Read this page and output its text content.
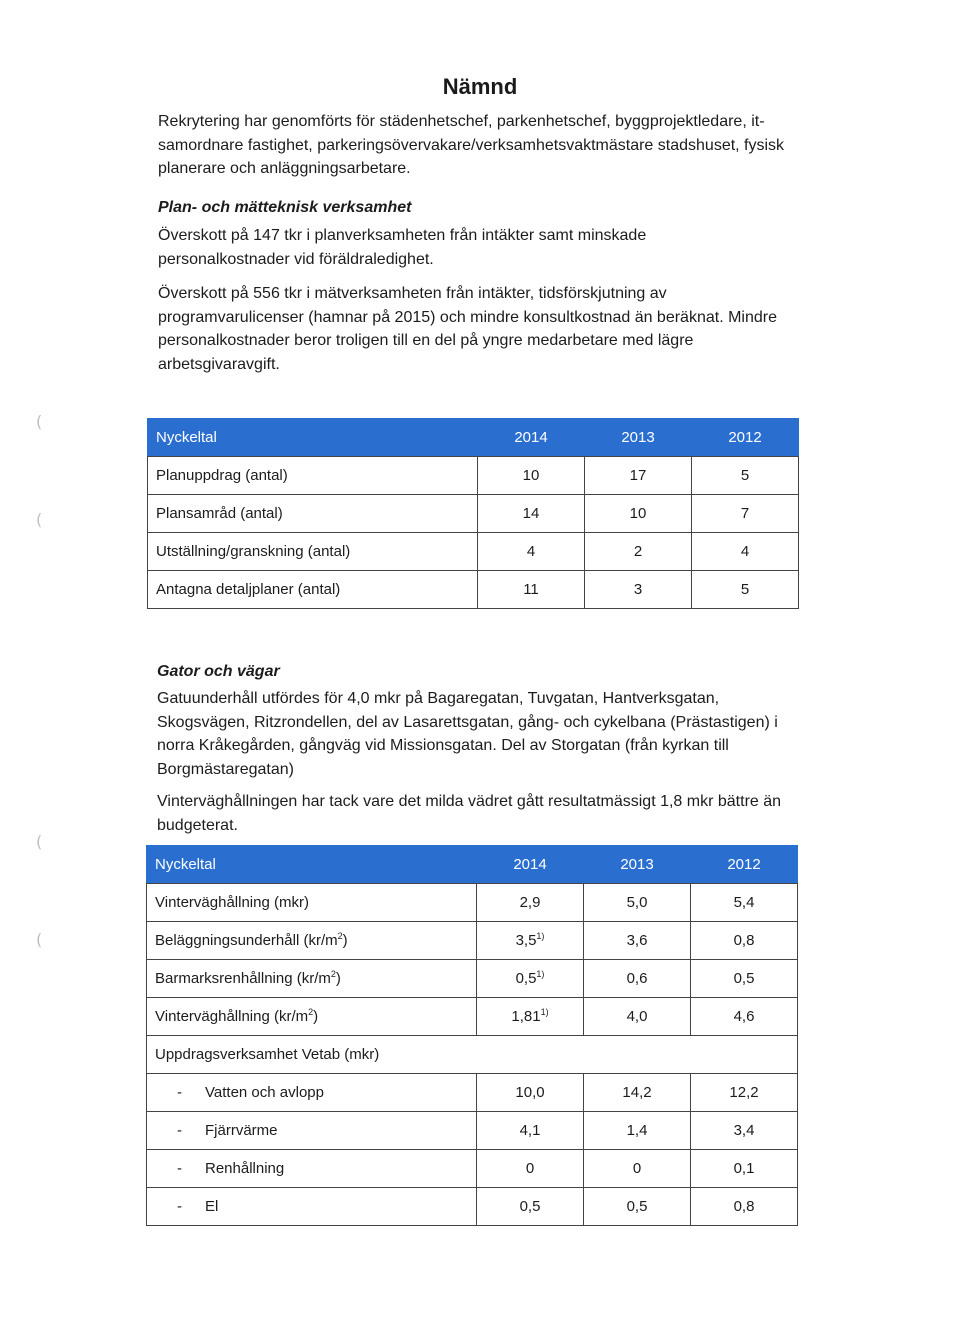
Nämnd

Rekrytering har genomförts för städenhetschef, parkenhetschef, byggprojektledare, it-samordnare fastighet, parkeringsövervakare/verksamhetsvaktmästare stadshuset, fysisk planerare och anläggningsarbetare.

Plan- och mätteknisk verksamhet

Överskott på 147 tkr i planverksamheten från intäkter samt minskade personalkostnader vid föräldraledighet.

Överskott på 556 tkr i mätverksamheten från intäkter, tidsförskjutning av programvarulicenser (hamnar på 2015) och mindre konsultkostnad än beräknat. Mindre personalkostnader beror troligen till en del på yngre medarbetare med lägre arbetsgivaravgift.

(
(
(
(
Nyckeltal	2014	2013	2012
Planuppdrag (antal)	10	17	5
Plansamråd (antal)	14	10	7
Utställning/granskning (antal)	4	2	4
Antagna detaljplaner (antal)	11	3	5

Gator och vägar

Gatuunderhåll utfördes för 4,0 mkr på Bagaregatan, Tuvgatan, Hantverksgatan, Skogsvägen, Ritzrondellen, del av Lasarettsgatan, gång- och cykelbana (Prästastigen) i norra Kråkegården, gångväg vid Missionsgatan. Del av Storgatan (från kyrkan till Borgmästaregatan)

Vinterväghållningen har tack vare det milda vädret gått resultatmässigt 1,8 mkr bättre än budgeterat.

Nyckeltal	2014	2013	2012
Vinterväghållning (mkr)	2,9	5,0	5,4
Beläggningsunderhåll $(kr/m^2)$	3,5$^{1)}$	3,6	0,8
Barmarksrenhållning $(kr/m^2)$	0,5$^{1)}$	0,6	0,5
Vinterväghållning $(kr/m^2)$	1,81$^{1)}$	4,0	4,6
Uppdragsverksamhet Vetab (mkr)			
- Vatten och avlopp	10,0	14,2	12,2
- Fjärrvärme	4,1	1,4	3,4
- Renhållning	0	0	0,1
- El	0,5	0,5	0,8
